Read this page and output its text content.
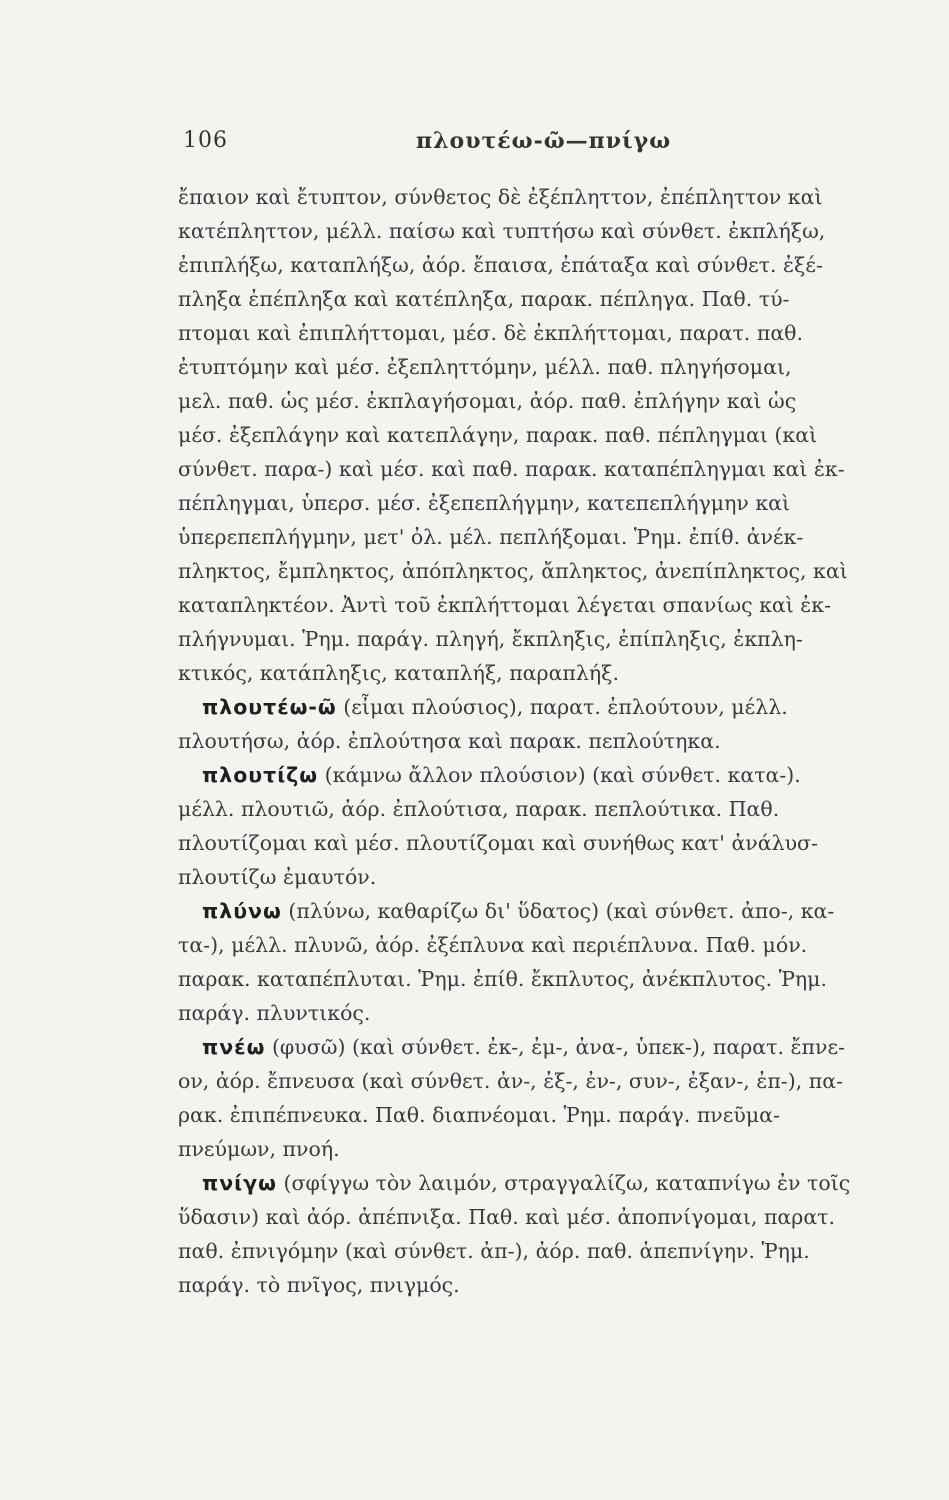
106	πλουτέω-ῶ—πνίγω
ἔπαιον καὶ ἔτυπτον, σύνθετος δὲ ἐξέπληττον, ἐπέπληττον καὶ
κατέπληττον, μέλλ. παίσω καὶ τυπτήσω καὶ σύνθετ. ἐκπλήξω,
ἐπιπλήξω, καταπλήξω, ἀόρ. ἔπαισα, ἐπάταξα καὶ σύνθετ. ἐξέ-
πληξα ἐπέπληξα καὶ κατέπληξα, παρακ. πέπληγα. Παθ. τύ-
πτομαι καὶ ἐπιπλήττομαι, μέσ. δὲ ἐκπλήττομαι, παρατ. παθ.
ἐτυπτόμην καὶ μέσ. ἐξεπληττόμην, μέλλ. παθ. πληγήσομαι,
μελ. παθ. ὡς μέσ. ἐκπλαγήσομαι, ἀόρ. παθ. ἐπλήγην καὶ ὡς
μέσ. ἐξεπλάγην καὶ κατεπλάγην, παρακ. παθ. πέπληγμαι (καὶ
σύνθετ. παρα-) καὶ μέσ. καὶ παθ. παρακ. καταπέπληγμαι καὶ ἐκ-
πέπληγμαι, ὑπερσ. μέσ. ἐξεπεπλήγμην, κατεπεπλήγμην καὶ
ὑπερεπεπλήγμην, μετ' ὀλ. μέλ. πεπλήξομαι. Ῥημ. ἐπίθ. ἀνέκ-
πληκτος, ἔμπληκτος, ἀπόπληκτος, ἄπληκτος, ἀνεπίπληκτος, καὶ
καταπληκτέον. Ἀντὶ τοῦ ἐκπλήττομαι λέγεται σπανίως καὶ ἐκ-
πλήγνυμαι. Ῥημ. παράγ. πληγή, ἔκπληξις, ἐπίπληξις, ἐκπλη-
κτικός, κατάπληξις, καταπλήξ, παραπλήξ.
πλουτέω-ῶ (εἶμαι πλούσιος), παρατ. ἐπλούτουν, μέλλ.
πλουτήσω, ἀόρ. ἐπλούτησα καὶ παρακ. πεπλούτηκα.
πλουτίζω (κάμνω ἄλλον πλούσιον) (καὶ σύνθετ. κατα-).
μέλλ. πλουτιῶ, ἀόρ. ἐπλούτισα, παρακ. πεπλούτικα. Παθ.
πλουτίζομαι καὶ μέσ. πλουτίζομαι καὶ συνήθως κατ' ἀνάλυσ-
πλουτίζω ἐμαυτόν.
πλύνω (πλύνω, καθαρίζω δι' ὕδατος) (καὶ σύνθετ. ἀπο-, κα-
τα-), μέλλ. πλυνῶ, ἀόρ. ἐξέπλυνα καὶ περιέπλυνα. Παθ. μόν.
παρακ. καταπέπλυται. Ῥημ. ἐπίθ. ἔκπλυτος, ἀνέκπλυτος. Ῥημ.
παράγ. πλυντικός.
πνέω (φυσῶ) (καὶ σύνθετ. ἐκ-, ἐμ-, ἀνα-, ὑπεκ-), παρατ. ἔπνε-
ον, ἀόρ. ἔπνευσα (καὶ σύνθετ. ἀν-, ἐξ-, ἐν-, συν-, ἐξαν-, ἐπ-), πα-
ρακ. ἐπιπέπνευκα. Παθ. διαπνέομαι. Ῥημ. παράγ. πνεῦμα-
πνεύμων, πνοή.
πνίγω (σφίγγω τὸν λαιμόν, στραγγαλίζω, καταπνίγω ἐν τοῖς
ὕδασιν) καὶ ἀόρ. ἀπέπνιξα. Παθ. καὶ μέσ. ἀποπνίγομαι, παρατ.
παθ. ἐπνιγόμην (καὶ σύνθετ. ἀπ-), ἀόρ. παθ. ἀπεπνίγην. Ῥημ.
παράγ. τὸ πνῖγος, πνιγμός.
